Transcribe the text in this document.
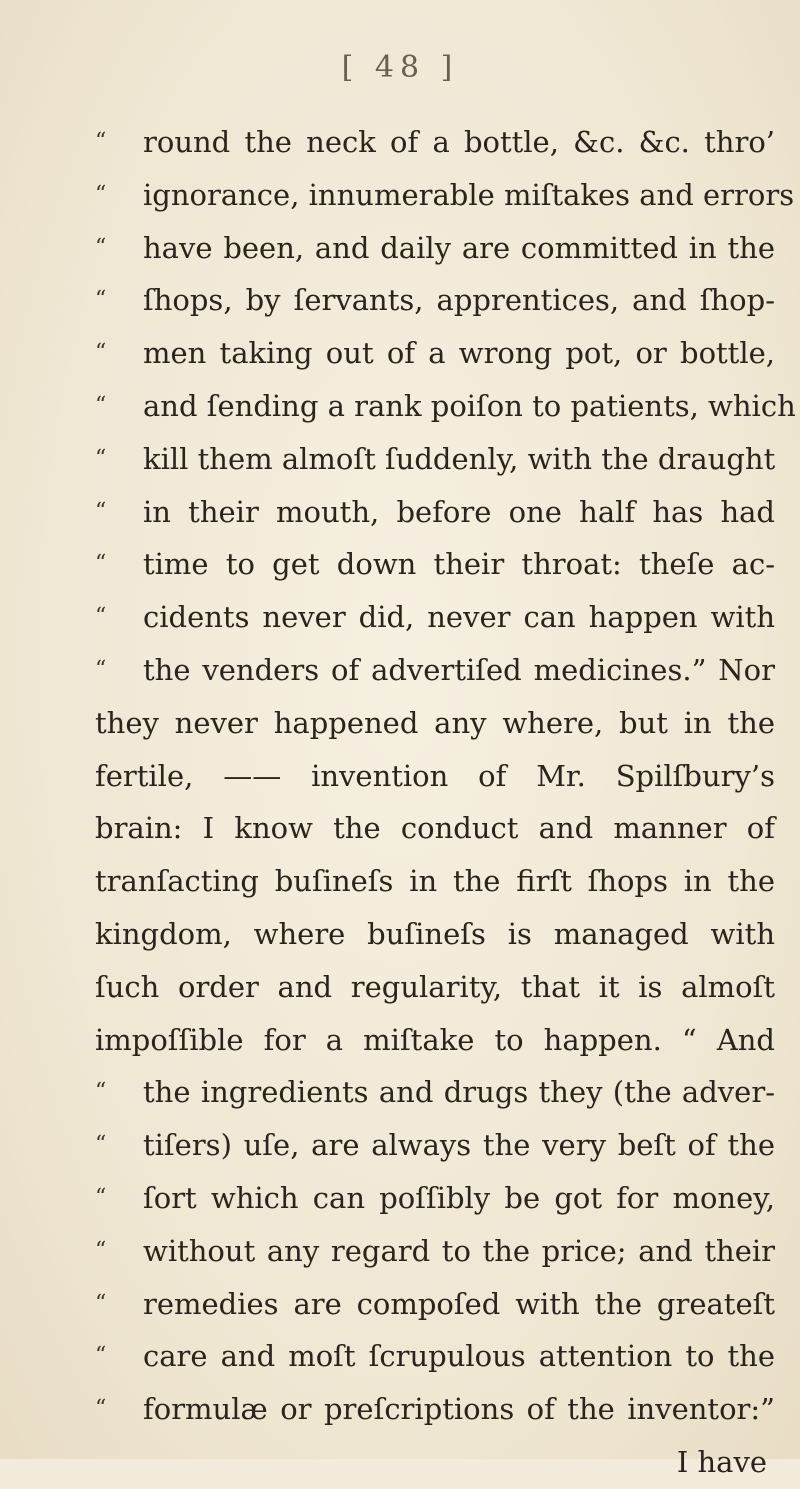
[ 48 ]
“	round the neck of a bottle, &c. &c. thro’
“	ignorance, innumerable miſtakes and errors
“	have been, and daily are committed in the
“	ſhops, by ſervants, apprentices, and ſhop-
“	men taking out of a wrong pot, or bottle,
“	and ſending a rank poiſon to patients, which
“	kill them almoſt ſuddenly, with the draught
“	in their mouth, before one half has had
“	time to get down their throat: theſe ac-
“	cidents never did, never can happen with
“	the venders of advertiſed medicines.” Nor
they never happened any where, but in the
fertile, —— invention of Mr. Spilſbury’s
brain: I know the conduct and manner of
tranſacting buſineſs in the firſt ſhops in the
kingdom, where buſineſs is managed with
ſuch order and regularity, that it is almoſt
impoſſible for a miſtake to happen. “ And
“	the ingredients and drugs they (the adver-
“	tiſers) uſe, are always the very beſt of the
“	ſort which can poſſibly be got for money,
“	without any regard to the price; and their
“	remedies are compoſed with the greateſt
“	care and moſt ſcrupulous attention to the
“	formulæ or preſcriptions of the inventor:”
I have
